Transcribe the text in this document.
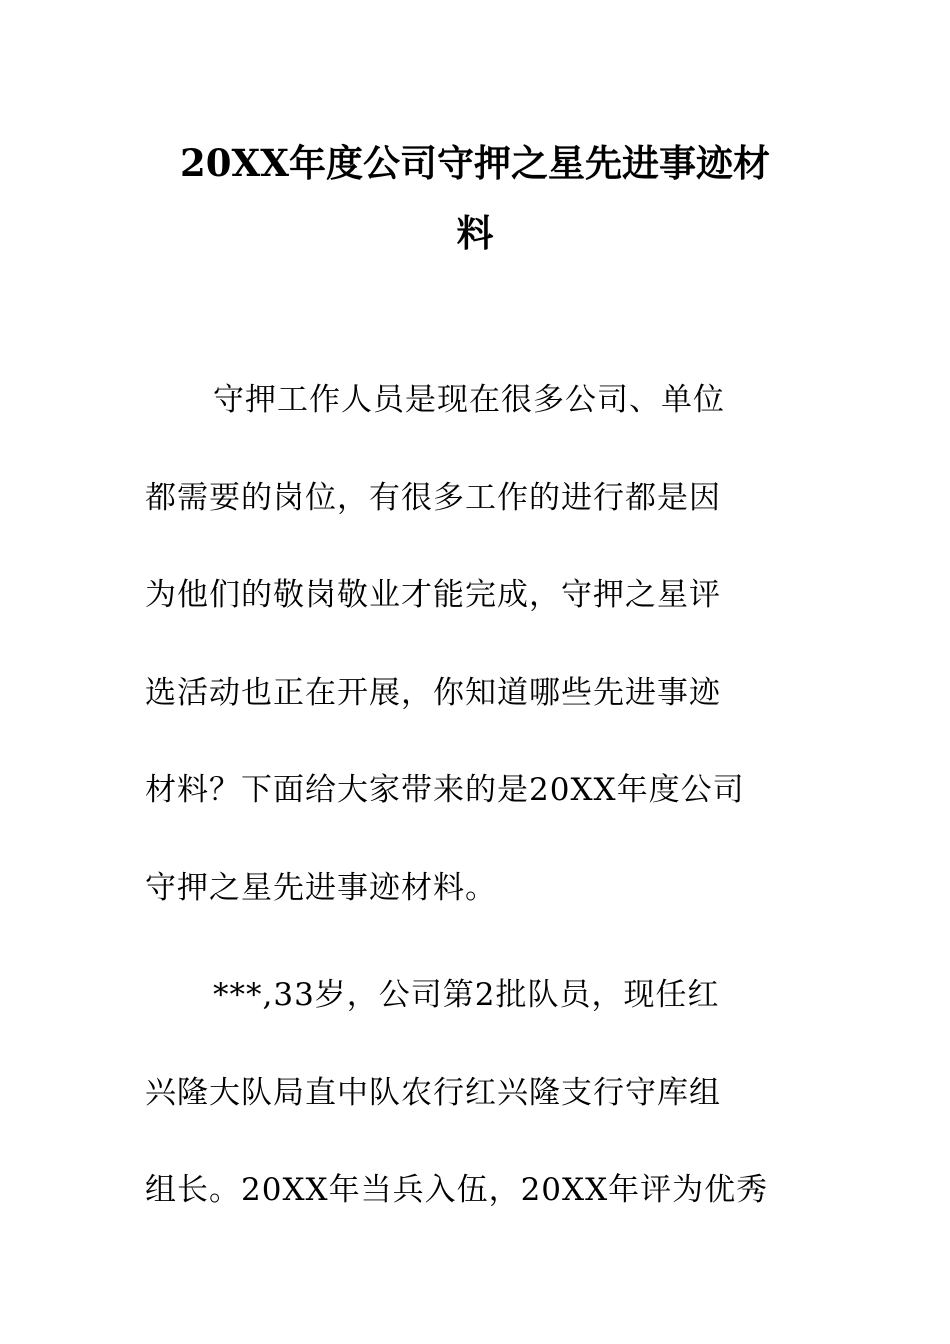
20XX年度公司守押之星先进事迹材
料
守押工作人员是现在很多公司、单位
都需要的岗位，有很多工作的进行都是因
为他们的敬岗敬业才能完成，守押之星评
选活动也正在开展，你知道哪些先进事迹
材料？下面给大家带来的是20XX年度公司
守押之星先进事迹材料。
***,33岁，公司第2批队员，现任红
兴隆大队局直中队农行红兴隆支行守库组
组长。20XX年当兵入伍，20XX年评为优秀
